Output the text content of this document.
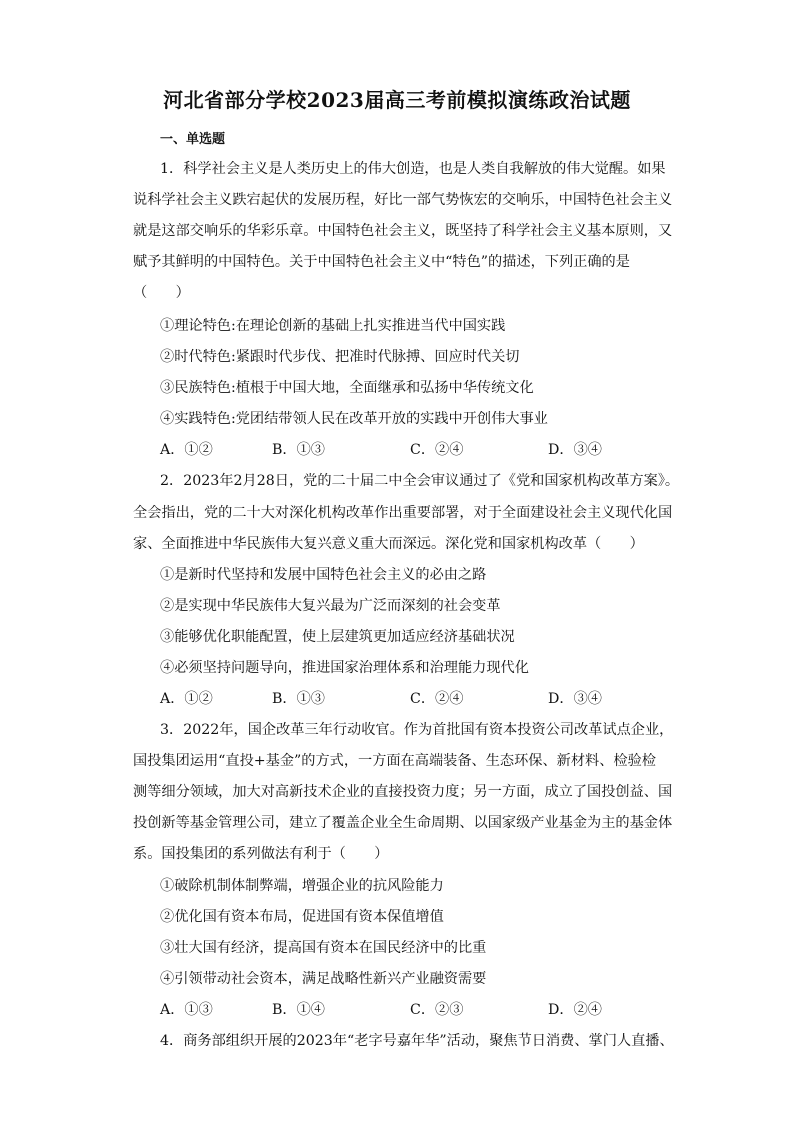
河北省部分学校2023届高三考前模拟演练政治试题
一、单选题
1．科学社会主义是人类历史上的伟大创造，也是人类自我解放的伟大觉醒。如果
说科学社会主义跌宕起伏的发展历程，好比一部气势恢宏的交响乐，中国特色社会主义
就是这部交响乐的华彩乐章。中国特色社会主义，既坚持了科学社会主义基本原则，又
赋予其鲜明的中国特色。关于中国特色社会主义中“特色”的描述，下列正确的是
（　　）
①理论特色:在理论创新的基础上扎实推进当代中国实践
②时代特色:紧跟时代步伐、把准时代脉搏、回应时代关切
③民族特色:植根于中国大地，全面继承和弘扬中华传统文化
④实践特色:党团结带领人民在改革开放的实践中开创伟大事业
A．①②	B．①③	C．②④	D．③④
2．2023年2月28日，党的二十届二中全会审议通过了《党和国家机构改革方案》。
全会指出，党的二十大对深化机构改革作出重要部署，对于全面建设社会主义现代化国
家、全面推进中华民族伟大复兴意义重大而深远。深化党和国家机构改革（　　）
①是新时代坚持和发展中国特色社会主义的必由之路
②是实现中华民族伟大复兴最为广泛而深刻的社会变革
③能够优化职能配置，使上层建筑更加适应经济基础状况
④必须坚持问题导向，推进国家治理体系和治理能力现代化
A．①②	B．①③	C．②④	D．③④
3．2022年，国企改革三年行动收官。作为首批国有资本投资公司改革试点企业，
国投集团运用“直投+基金”的方式，一方面在高端装备、生态环保、新材料、检验检
测等细分领域，加大对高新技术企业的直接投资力度；另一方面，成立了国投创益、国
投创新等基金管理公司，建立了覆盖企业全生命周期、以国家级产业基金为主的基金体
系。国投集团的系列做法有利于（　　）
①破除机制体制弊端，增强企业的抗风险能力
②优化国有资本布局，促进国有资本保值增值
③壮大国有经济，提高国有资本在国民经济中的比重
④引领带动社会资本，满足战略性新兴产业融资需要
A．①③	B．①④	C．②③	D．②④
4．商务部组织开展的2023年“老字号嘉年华”活动，聚焦节日消费、掌门人直播、
